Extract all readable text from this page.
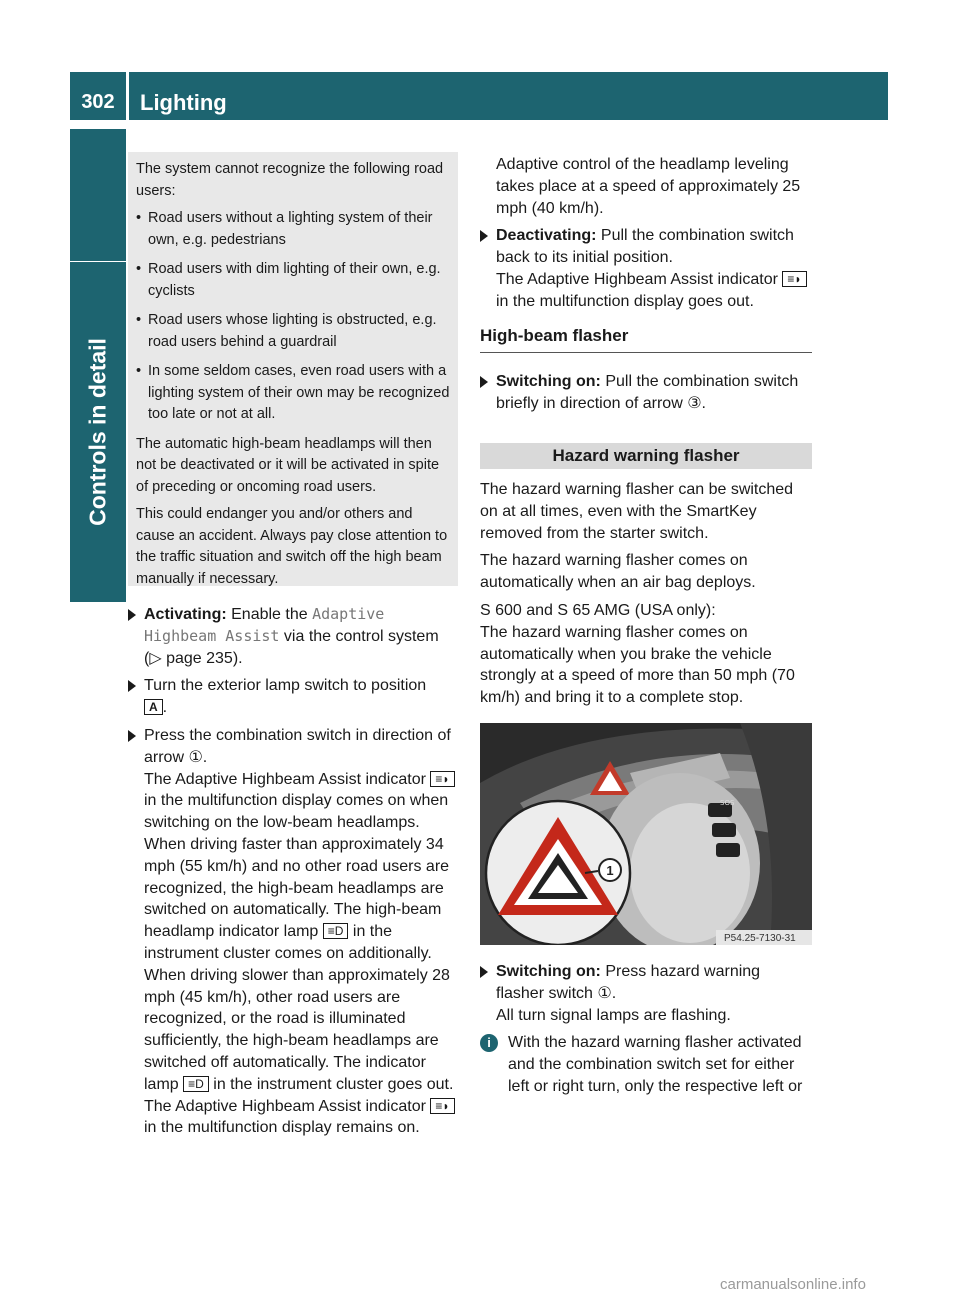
302	Lighting
Controls in detail

The system cannot recognize the following road users:

• Road users without a lighting system of their own, e.g. pedestrians
• Road users with dim lighting of their own, e.g. cyclists
• Road users whose lighting is obstructed, e.g. road users behind a guardrail
• In some seldom cases, even road users with a lighting system of their own may be recognized too late or not at all.

The automatic high-beam headlamps will then not be deactivated or it will be activated in spite of preceding or oncoming road users.

This could endanger you and/or others and cause an accident. Always pay close attention to the traffic situation and switch off the high beam manually if necessary.

Activating: Enable the Adaptive
Highbeam Assist via the control system
(▷ page 235).
Turn the exterior lamp switch to position
A .
Press the combination switch in direction of arrow ①.
The Adaptive Highbeam Assist indicator ≡◗ in the multifunction display comes on when switching on the low-beam headlamps.
When driving faster than approximately 34 mph (55 km/h) and no other road users are recognized, the high-beam headlamps are switched on automatically. The high-beam headlamp indicator lamp ≡D in the instrument cluster comes on additionally.
When driving slower than approximately 28 mph (45 km/h), other road users are recognized, or the road is illuminated sufficiently, the high-beam headlamps are switched off automatically. The indicator lamp ≡D in the instrument cluster goes out. The Adaptive Highbeam Assist indicator ≡◗ in the multifunction display remains on.

Adaptive control of the headlamp leveling takes place at a speed of approximately 25 mph (40 km/h).

Deactivating: Pull the combination switch back to its initial position.
The Adaptive Highbeam Assist indicator ≡◗ in the multifunction display goes out.
High-beam flasher
Switching on: Pull the combination switch briefly in direction of arrow ③.
Hazard warning flasher

The hazard warning flasher can be switched on at all times, even with the SmartKey removed from the starter switch.

The hazard warning flasher comes on automatically when an air bag deploys.

S 600 and S 65 AMG (USA only):
The hazard warning flasher comes on automatically when you brake the vehicle strongly at a speed of more than 50 mph (70 km/h) and bring it to a complete stop.

SOS
1
P54.25-7130-31
Switching on: Press hazard warning flasher switch ①.
All turn signal lamps are flashing.
i	With the hazard warning flasher activated and the combination switch set for either left or right turn, only the respective left or
carmanualsonline.info
